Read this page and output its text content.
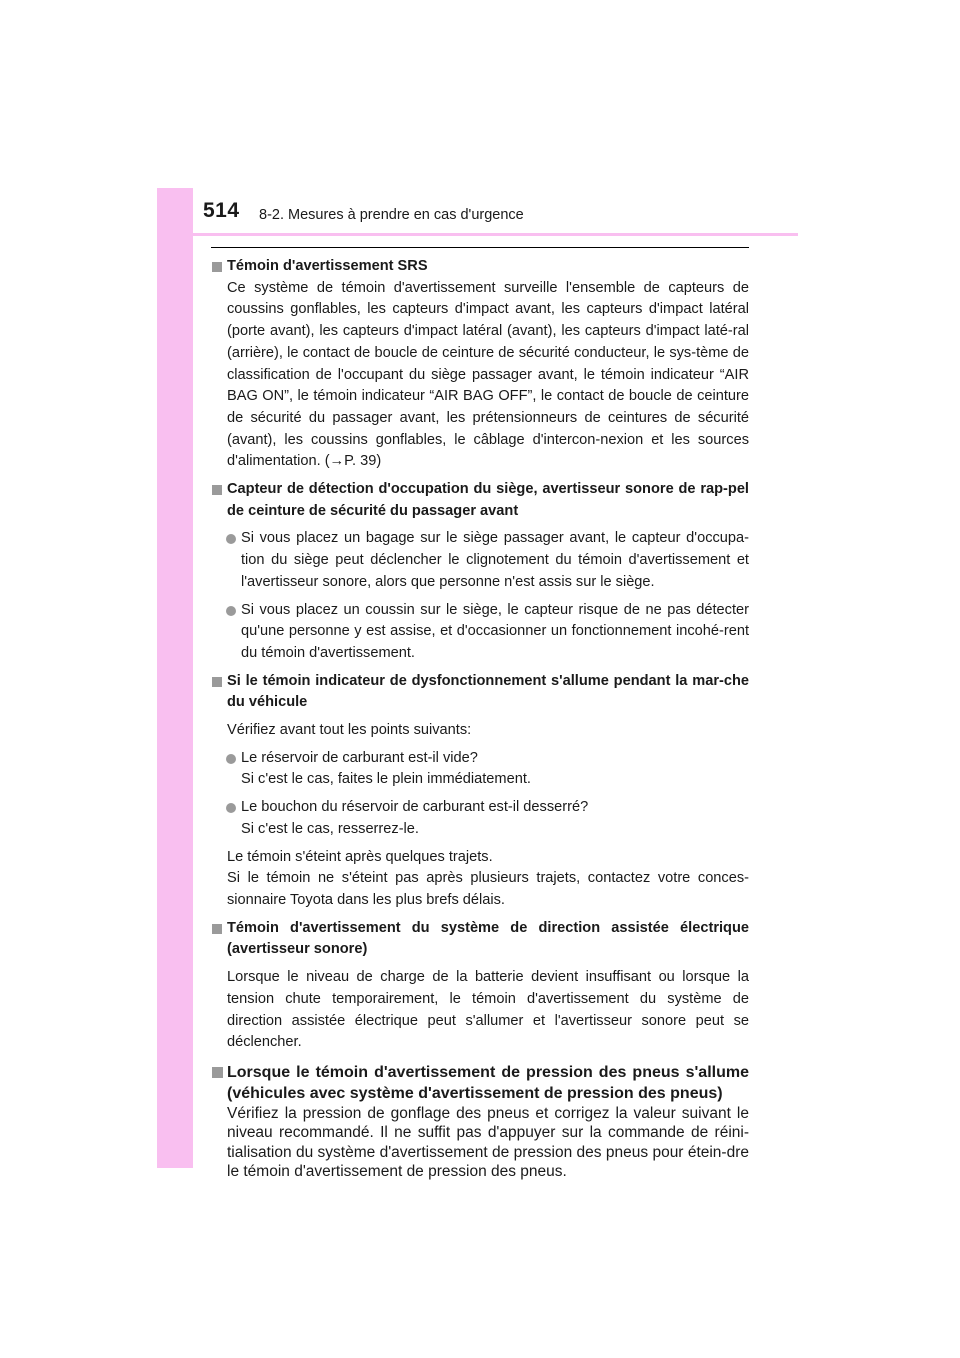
514 8-2. Mesures à prendre en cas d'urgence
Témoin d'avertissement SRS
Ce système de témoin d'avertissement surveille l'ensemble de capteurs de coussins gonflables, les capteurs d'impact avant, les capteurs d'impact latéral (porte avant), les capteurs d'impact latéral (avant), les capteurs d'impact laté-ral (arrière), le contact de boucle de ceinture de sécurité conducteur, le sys-tème de classification de l'occupant du siège passager avant, le témoin indicateur “AIR BAG ON”, le témoin indicateur “AIR BAG OFF”, le contact de boucle de ceinture de sécurité du passager avant, les prétensionneurs de ceintures de sécurité (avant), les coussins gonflables, le câblage d'intercon-nexion et les sources d'alimentation. (→P. 39)
Capteur de détection d'occupation du siège, avertisseur sonore de rap-pel de ceinture de sécurité du passager avant
Si vous placez un bagage sur le siège passager avant, le capteur d'occupa-tion du siège peut déclencher le clignotement du témoin d'avertissement et l'avertisseur sonore, alors que personne n'est assis sur le siège.
Si vous placez un coussin sur le siège, le capteur risque de ne pas détecter qu'une personne y est assise, et d'occasionner un fonctionnement incohé-rent du témoin d'avertissement.
Si le témoin indicateur de dysfonctionnement s'allume pendant la mar-che du véhicule
Vérifiez avant tout les points suivants:
Le réservoir de carburant est-il vide?
Si c'est le cas, faites le plein immédiatement.
Le bouchon du réservoir de carburant est-il desserré?
Si c'est le cas, resserrez-le.
Le témoin s'éteint après quelques trajets.
Si le témoin ne s'éteint pas après plusieurs trajets, contactez votre conces-sionnaire Toyota dans les plus brefs délais.
Témoin d'avertissement du système de direction assistée électrique (avertisseur sonore)
Lorsque le niveau de charge de la batterie devient insuffisant ou lorsque la tension chute temporairement, le témoin d'avertissement du système de direction assistée électrique peut s'allumer et l'avertisseur sonore peut se déclencher.
Lorsque le témoin d'avertissement de pression des pneus s'allume (véhicules avec système d'avertissement de pression des pneus)
Vérifiez la pression de gonflage des pneus et corrigez la valeur suivant le niveau recommandé. Il ne suffit pas d'appuyer sur la commande de réini-tialisation du système d'avertissement de pression des pneus pour étein-dre le témoin d'avertissement de pression des pneus.
